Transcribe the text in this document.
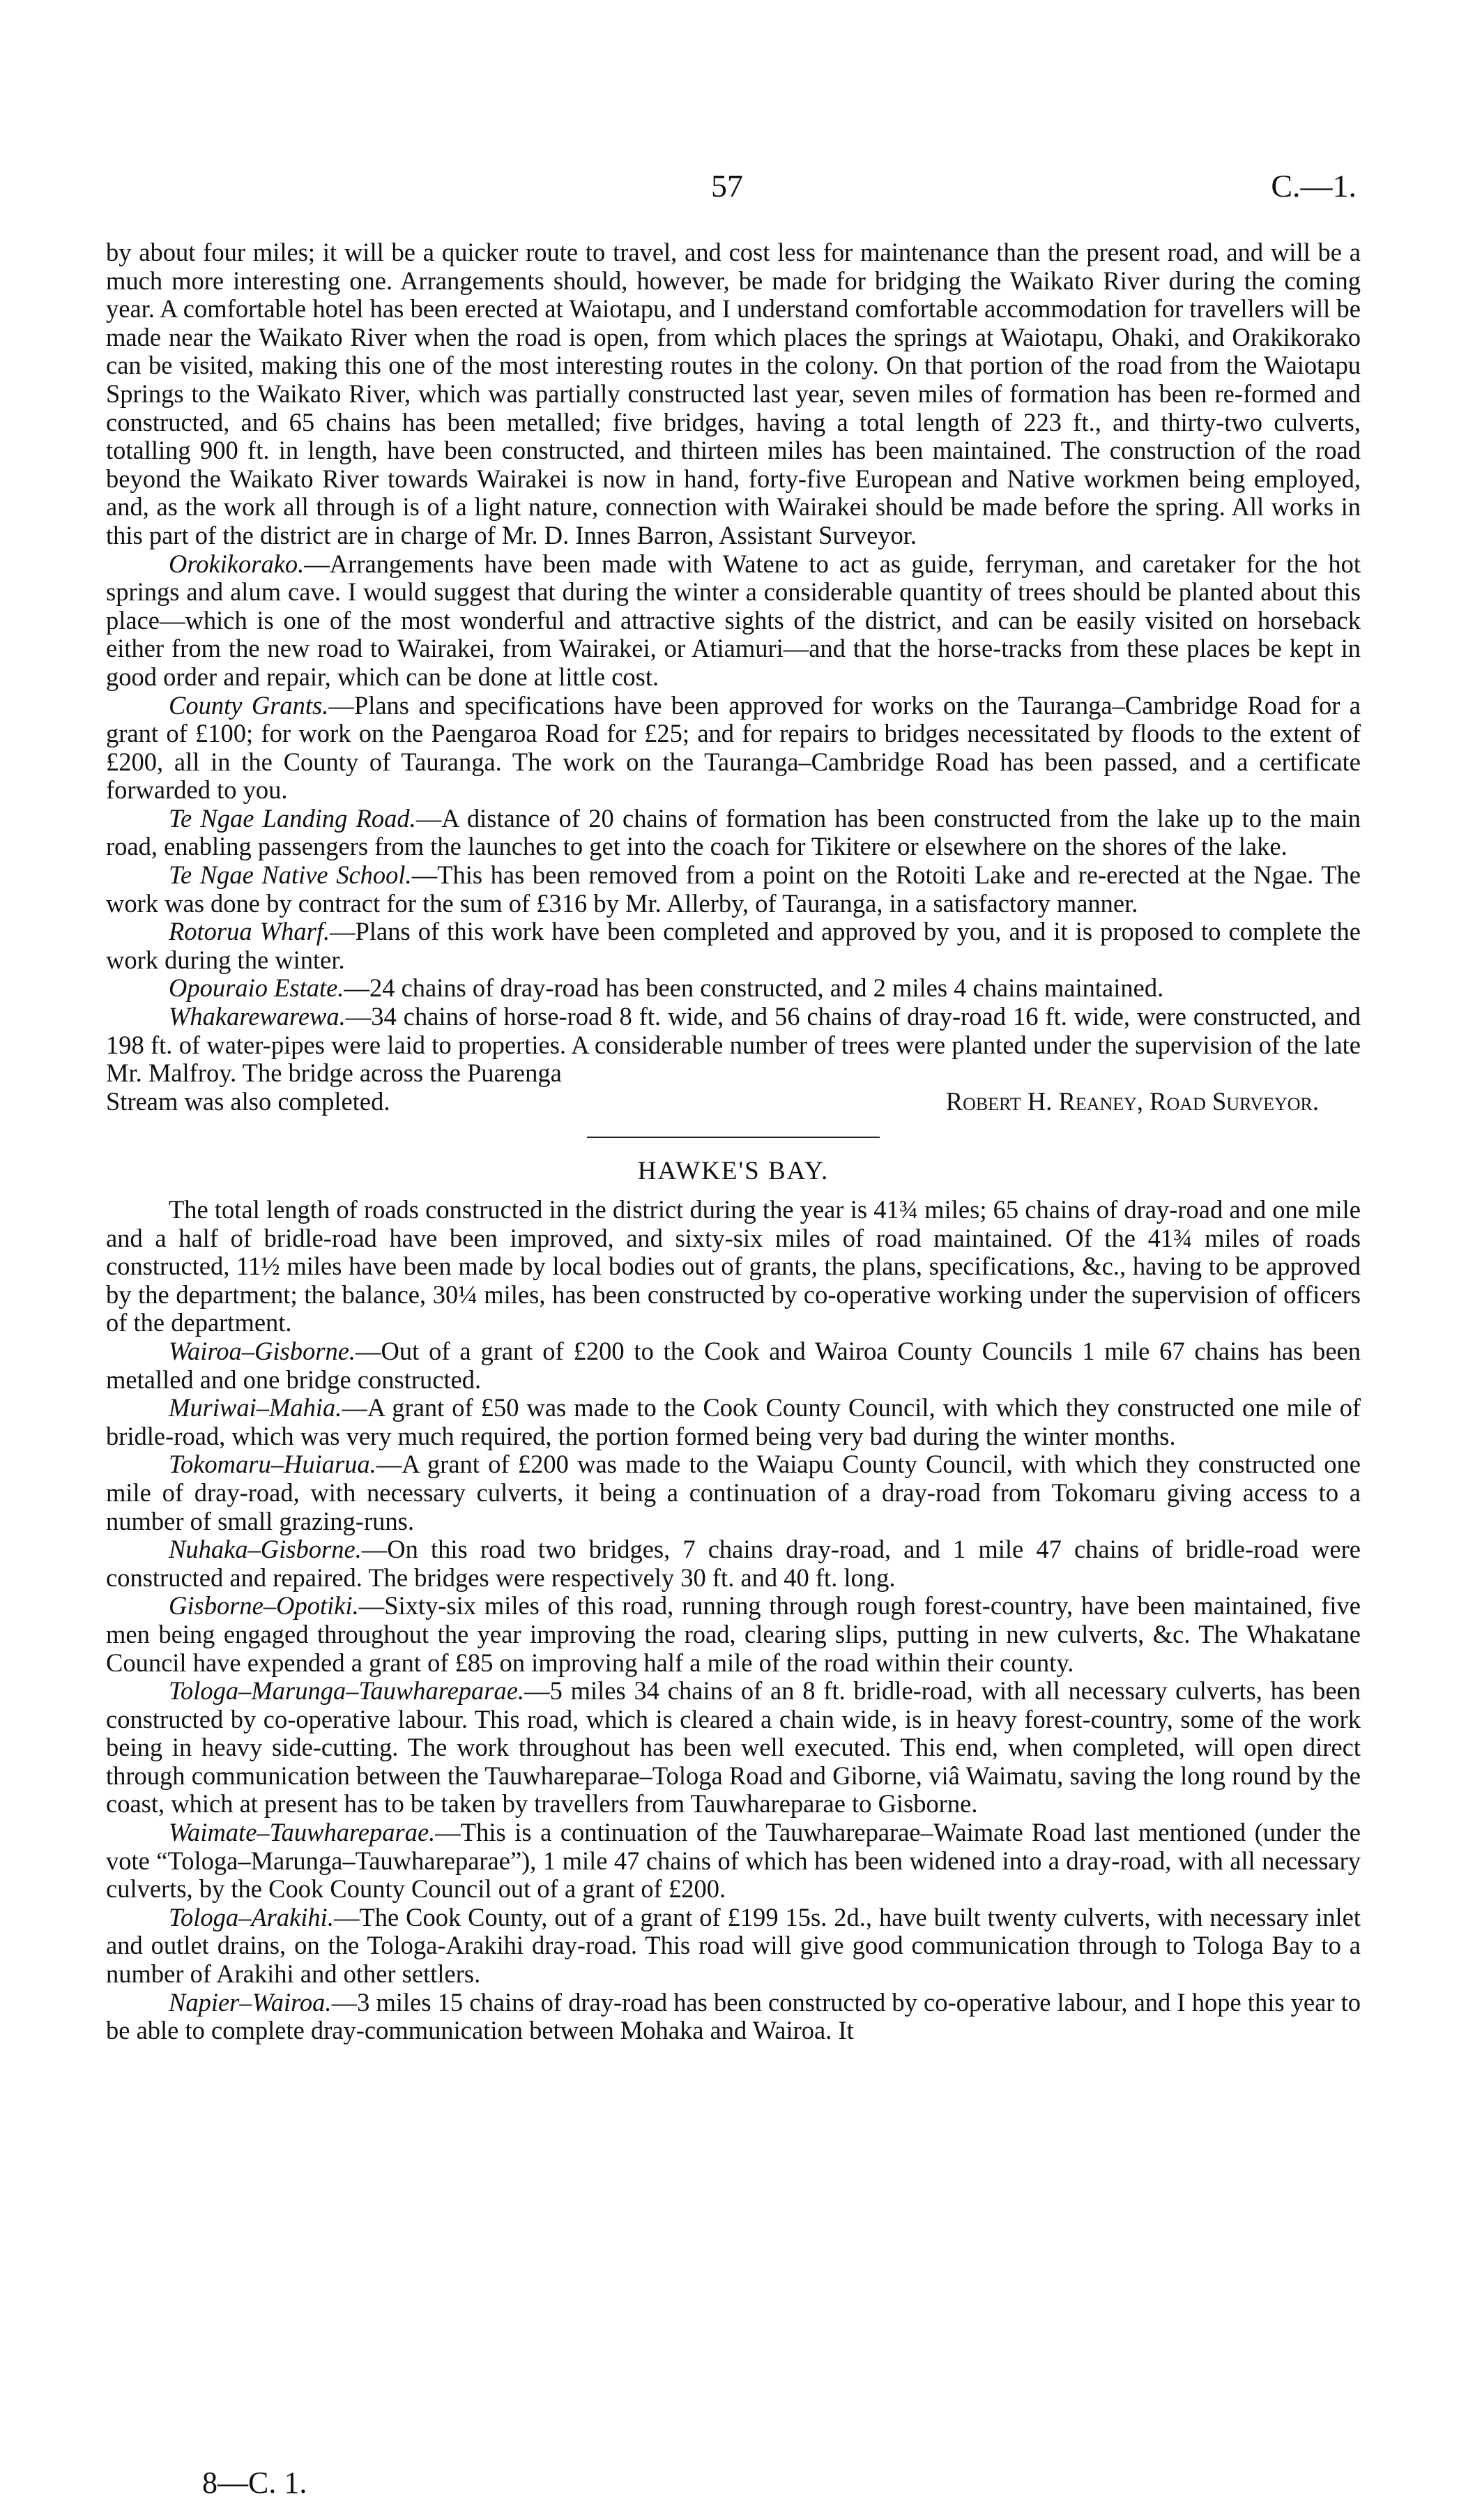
57	C.—1.

by about four miles; it will be a quicker route to travel, and cost less for maintenance than the present road, and will be a much more interesting one. Arrangements should, however, be made for bridging the Waikato River during the coming year. A comfortable hotel has been erected at Waiotapu, and I understand comfortable accommodation for travellers will be made near the Waikato River when the road is open, from which places the springs at Waiotapu, Ohaki, and Orakikorako can be visited, making this one of the most interesting routes in the colony. On that portion of the road from the Waiotapu Springs to the Waikato River, which was partially constructed last year, seven miles of formation has been re-formed and constructed, and 65 chains has been metalled; five bridges, having a total length of 223 ft., and thirty-two culverts, totalling 900 ft. in length, have been constructed, and thirteen miles has been maintained. The construction of the road beyond the Waikato River towards Wairakei is now in hand, forty-five European and Native workmen being employed, and, as the work all through is of a light nature, connection with Wairakei should be made before the spring. All works in this part of the district are in charge of Mr. D. Innes Barron, Assistant Surveyor.

Orokikorako.—Arrangements have been made with Watene to act as guide, ferryman, and caretaker for the hot springs and alum cave. I would suggest that during the winter a considerable quantity of trees should be planted about this place—which is one of the most wonderful and attractive sights of the district, and can be easily visited on horseback either from the new road to Wairakei, from Wairakei, or Atiamuri—and that the horse-tracks from these places be kept in good order and repair, which can be done at little cost.

County Grants.—Plans and specifications have been approved for works on the Tauranga–Cambridge Road for a grant of £100; for work on the Paengaroa Road for £25; and for repairs to bridges necessitated by floods to the extent of £200, all in the County of Tauranga. The work on the Tauranga–Cambridge Road has been passed, and a certificate forwarded to you.

Te Ngae Landing Road.—A distance of 20 chains of formation has been constructed from the lake up to the main road, enabling passengers from the launches to get into the coach for Tikitere or elsewhere on the shores of the lake.

Te Ngae Native School.—This has been removed from a point on the Rotoiti Lake and re-erected at the Ngae. The work was done by contract for the sum of £316 by Mr. Allerby, of Tauranga, in a satisfactory manner.

Rotorua Wharf.—Plans of this work have been completed and approved by you, and it is proposed to complete the work during the winter.

Opouraio Estate.—24 chains of dray-road has been constructed, and 2 miles 4 chains maintained.

Whakarewarewa.—34 chains of horse-road 8 ft. wide, and 56 chains of dray-road 16 ft. wide, were constructed, and 198 ft. of water-pipes were laid to properties. A considerable number of trees were planted under the supervision of the late Mr. Malfroy. The bridge across the Puarenga

Stream was also completed.	Robert H. Reaney, Road Surveyor.
HAWKE'S BAY.

The total length of roads constructed in the district during the year is 41¾ miles; 65 chains of dray-road and one mile and a half of bridle-road have been improved, and sixty-six miles of road maintained. Of the 41¾ miles of roads constructed, 11½ miles have been made by local bodies out of grants, the plans, specifications, &c., having to be approved by the department; the balance, 30¼ miles, has been constructed by co-operative working under the supervision of officers of the department.

Wairoa–Gisborne.—Out of a grant of £200 to the Cook and Wairoa County Councils 1 mile 67 chains has been metalled and one bridge constructed.

Muriwai–Mahia.—A grant of £50 was made to the Cook County Council, with which they constructed one mile of bridle-road, which was very much required, the portion formed being very bad during the winter months.

Tokomaru–Huiarua.—A grant of £200 was made to the Waiapu County Council, with which they constructed one mile of dray-road, with necessary culverts, it being a continuation of a dray-road from Tokomaru giving access to a number of small grazing-runs.

Nuhaka–Gisborne.—On this road two bridges, 7 chains dray-road, and 1 mile 47 chains of bridle-road were constructed and repaired. The bridges were respectively 30 ft. and 40 ft. long.

Gisborne–Opotiki.—Sixty-six miles of this road, running through rough forest-country, have been maintained, five men being engaged throughout the year improving the road, clearing slips, putting in new culverts, &c. The Whakatane Council have expended a grant of £85 on improving half a mile of the road within their county.

Tologa–Marunga–Tauwhareparae.—5 miles 34 chains of an 8 ft. bridle-road, with all necessary culverts, has been constructed by co-operative labour. This road, which is cleared a chain wide, is in heavy forest-country, some of the work being in heavy side-cutting. The work throughout has been well executed. This end, when completed, will open direct through communication between the Tauwhareparae–Tologa Road and Giborne, viâ Waimatu, saving the long round by the coast, which at present has to be taken by travellers from Tauwhareparae to Gisborne.

Waimate–Tauwhareparae.—This is a continuation of the Tauwhareparae–Waimate Road last mentioned (under the vote “Tologa–Marunga–Tauwhareparae”), 1 mile 47 chains of which has been widened into a dray-road, with all necessary culverts, by the Cook County Council out of a grant of £200.

Tologa–Arakihi.—The Cook County, out of a grant of £199 15s. 2d., have built twenty culverts, with necessary inlet and outlet drains, on the Tologa-Arakihi dray-road. This road will give good communication through to Tologa Bay to a number of Arakihi and other settlers.

Napier–Wairoa.—3 miles 15 chains of dray-road has been constructed by co-operative labour, and I hope this year to be able to complete dray-communication between Mohaka and Wairoa. It

8—C. 1.
